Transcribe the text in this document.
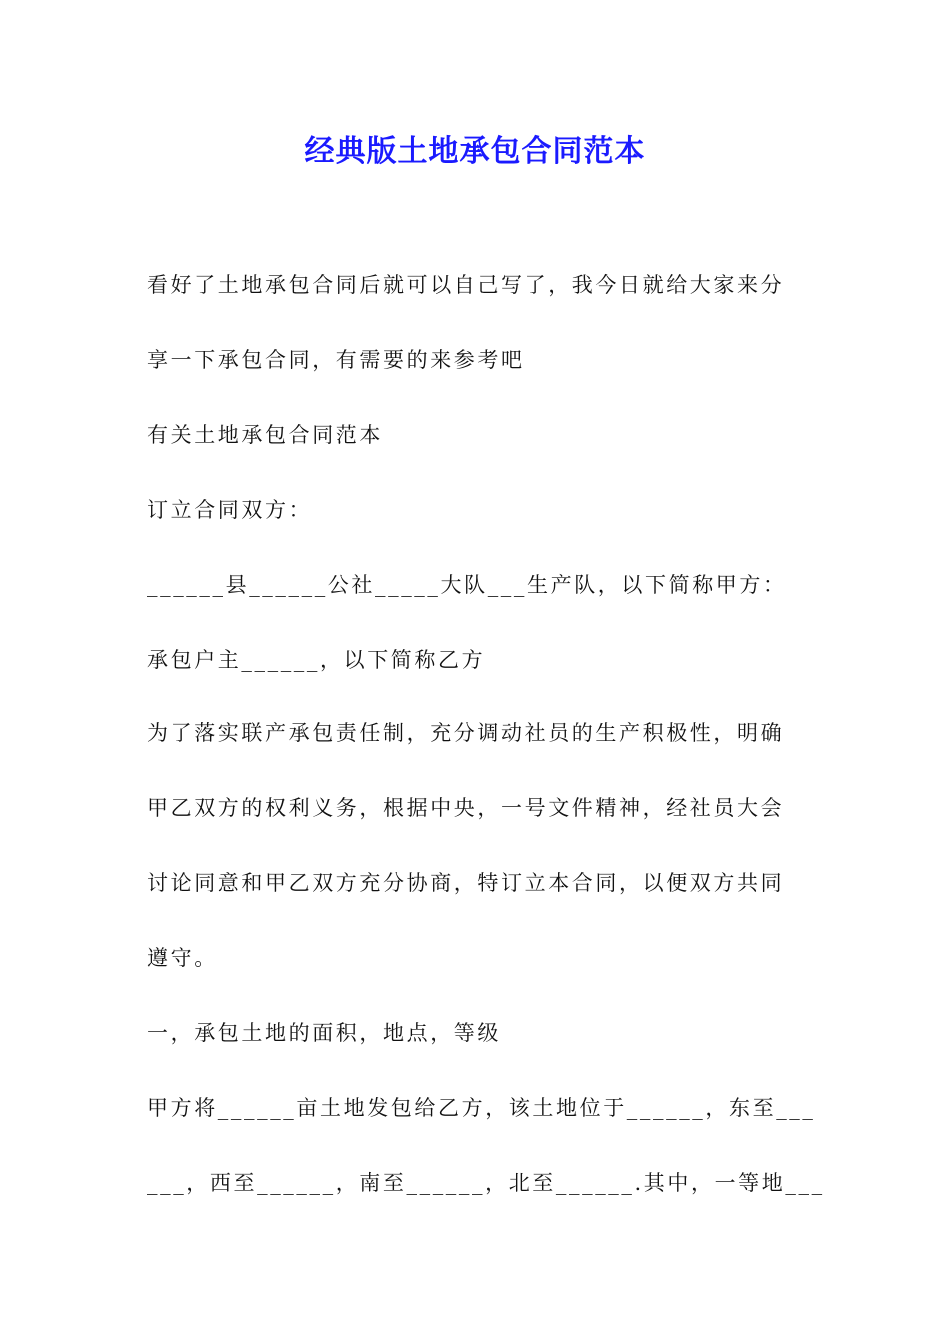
经典版土地承包合同范本

看好了土地承包合同后就可以自己写了，我今日就给大家来分

享一下承包合同，有需要的来参考吧

有关土地承包合同范本

订立合同双方：

______县______公社_____大队___生产队，以下简称甲方：

承包户主______，以下简称乙方

为了落实联产承包责任制，充分调动社员的生产积极性，明确

甲乙双方的权利义务，根据中央，一号文件精神，经社员大会

讨论同意和甲乙双方充分协商，特订立本合同，以便双方共同

遵守。

一，承包土地的面积，地点，等级

甲方将______亩土地发包给乙方，该土地位于______，东至___

___，西至______，南至______，北至______.其中，一等地___
